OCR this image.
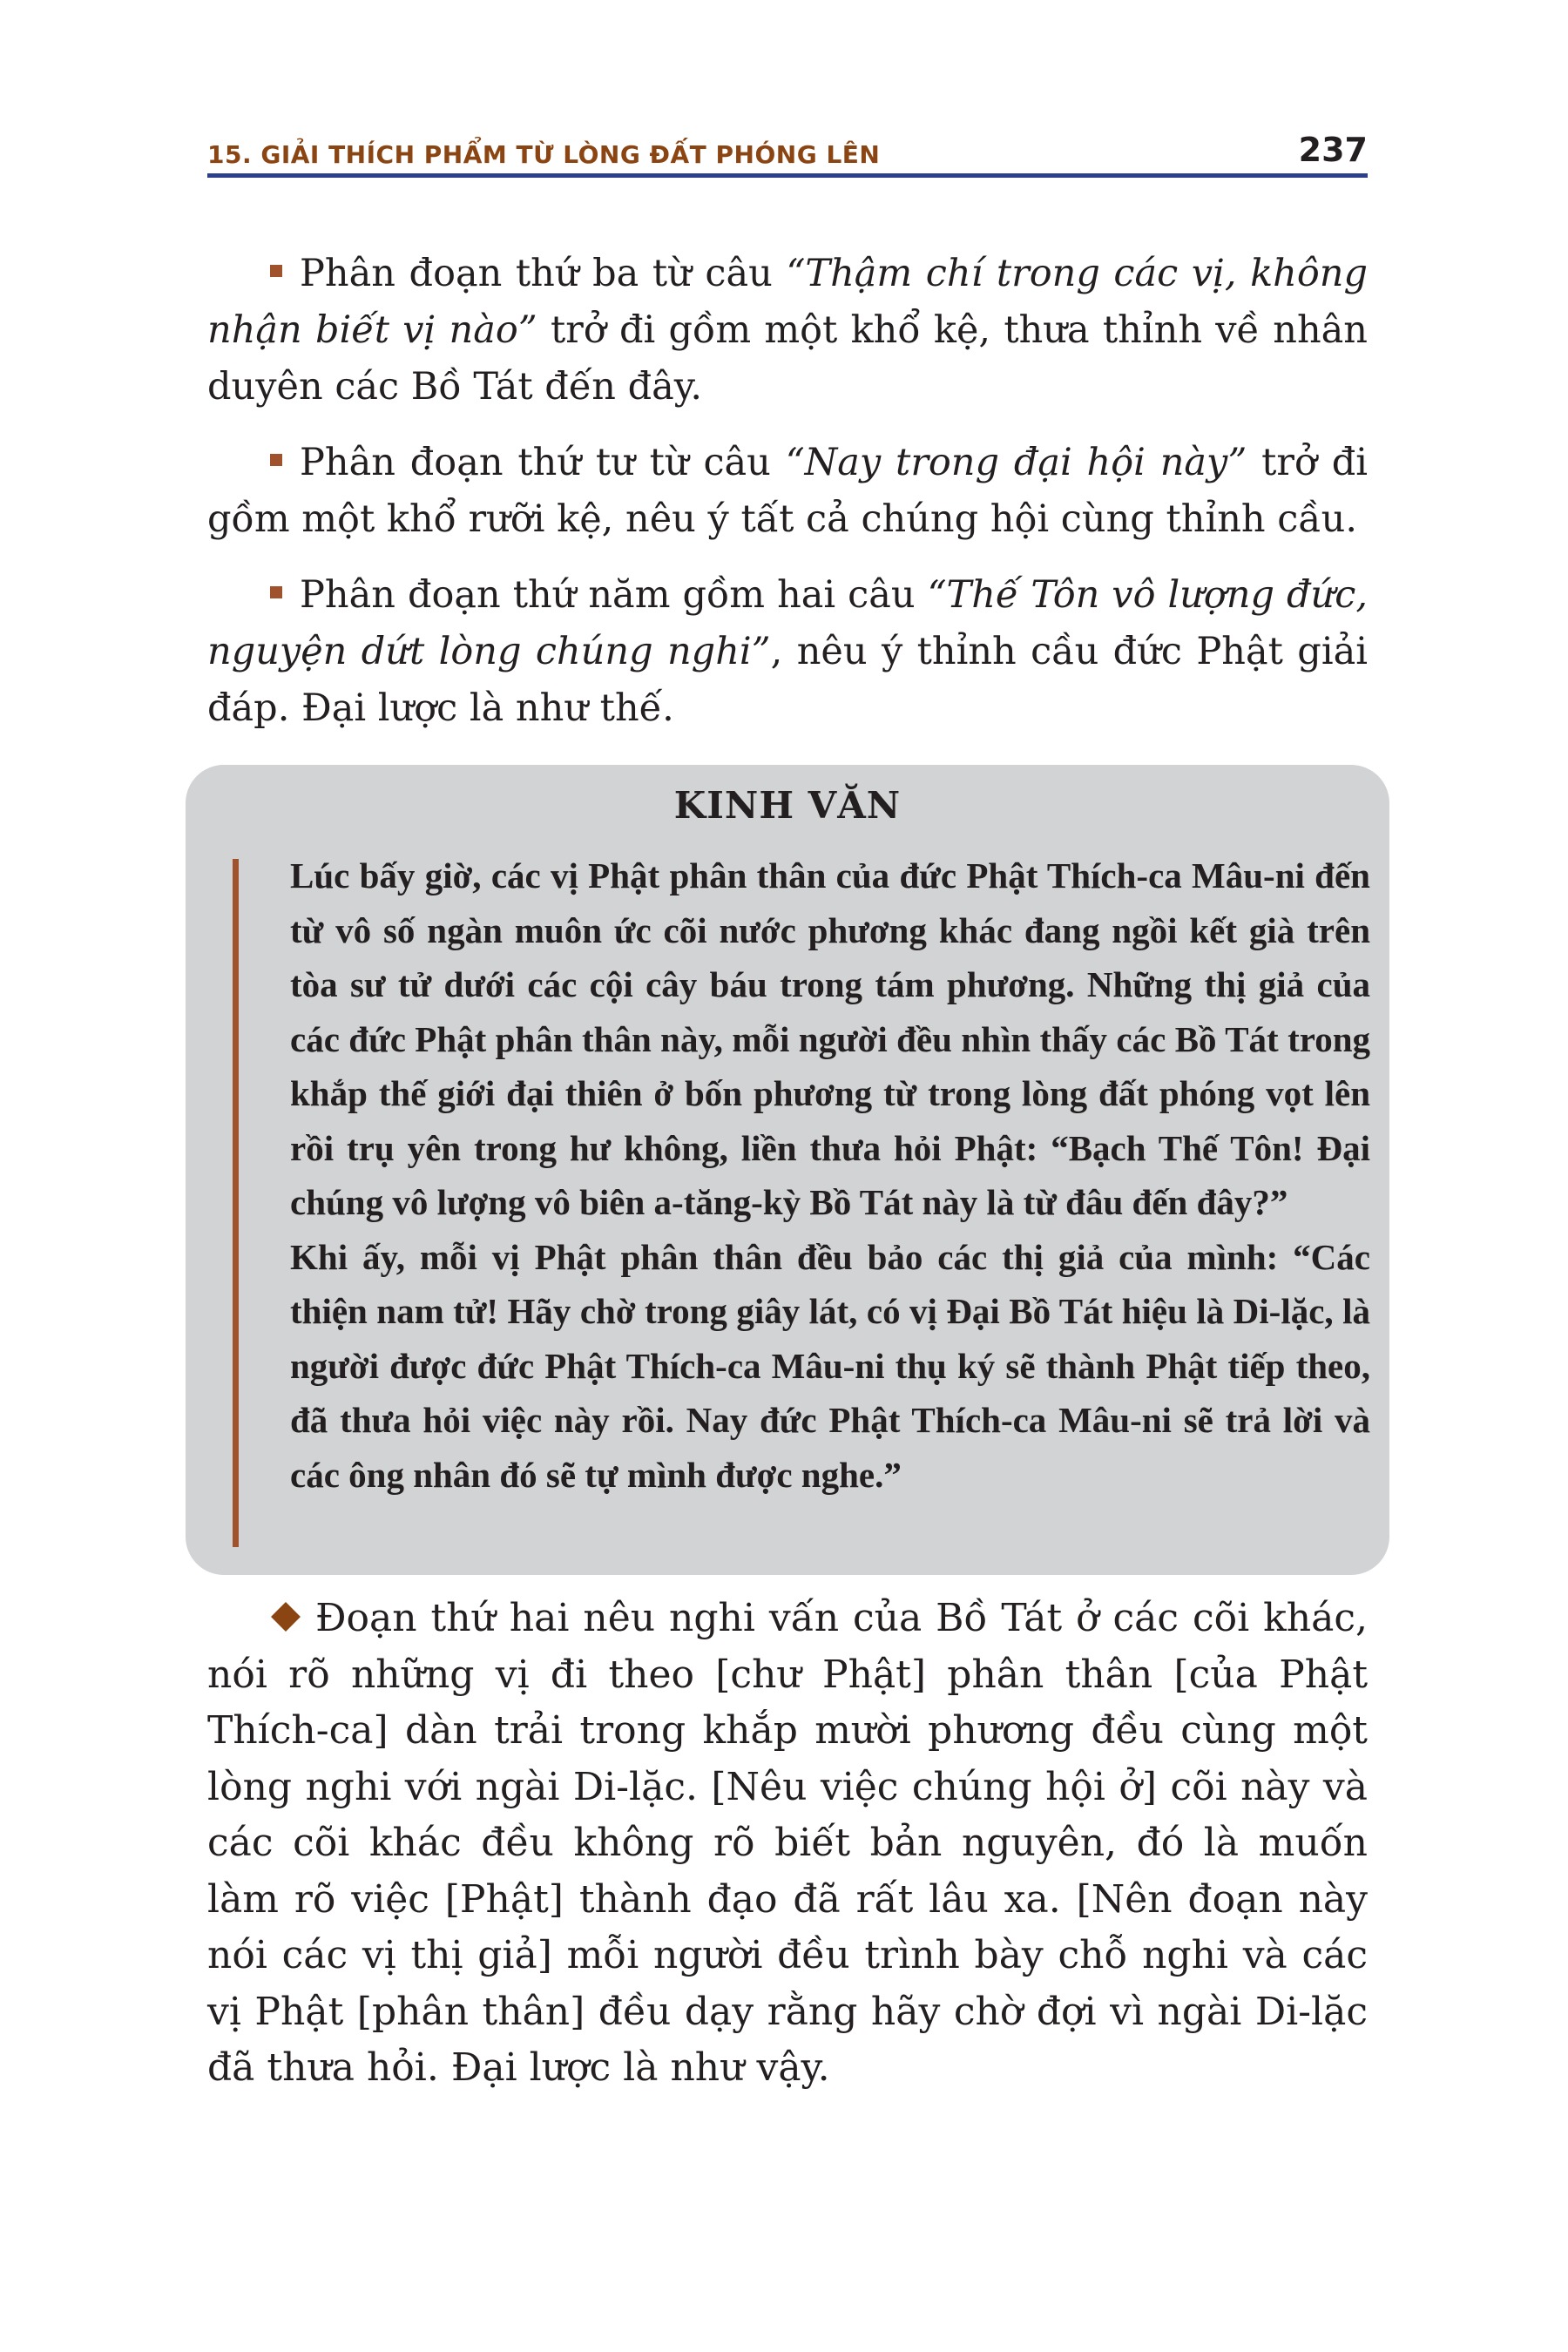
15. GIẢI THÍCH PHẨM TỪ LÒNG ĐẤT PHÓNG LÊN	237

Phân đoạn thứ ba từ câu “Thậm chí trong các vị, không nhận biết vị nào” trở đi gồm một khổ kệ, thưa thỉnh về nhân duyên các Bồ Tát đến đây.

Phân đoạn thứ tư từ câu “Nay trong đại hội này” trở đi gồm một khổ rưỡi kệ, nêu ý tất cả chúng hội cùng thỉnh cầu.

Phân đoạn thứ năm gồm hai câu “Thế Tôn vô lượng đức, nguyện dứt lòng chúng nghi”, nêu ý thỉnh cầu đức Phật giải đáp. Đại lược là như thế.

KINH VĂN

Lúc bấy giờ, các vị Phật phân thân của đức Phật Thích-ca Mâu-ni đến từ vô số ngàn muôn ức cõi nước phương khác đang ngồi kết già trên tòa sư tử dưới các cội cây báu trong tám phương. Những thị giả của các đức Phật phân thân này, mỗi người đều nhìn thấy các Bồ Tát trong khắp thế giới đại thiên ở bốn phương từ trong lòng đất phóng vọt lên rồi trụ yên trong hư không, liền thưa hỏi Phật: “Bạch Thế Tôn! Đại chúng vô lượng vô biên a-tăng-kỳ Bồ Tát này là từ đâu đến đây?”

Khi ấy, mỗi vị Phật phân thân đều bảo các thị giả của mình: “Các thiện nam tử! Hãy chờ trong giây lát, có vị Đại Bồ Tát hiệu là Di-lặc, là người được đức Phật Thích-ca Mâu-ni thụ ký sẽ thành Phật tiếp theo, đã thưa hỏi việc này rồi. Nay đức Phật Thích-ca Mâu-ni sẽ trả lời và các ông nhân đó sẽ tự mình được nghe.”

Đoạn thứ hai nêu nghi vấn của Bồ Tát ở các cõi khác, nói rõ những vị đi theo [chư Phật] phân thân [của Phật Thích-ca] dàn trải trong khắp mười phương đều cùng một lòng nghi với ngài Di-lặc. [Nêu việc chúng hội ở] cõi này và các cõi khác đều không rõ biết bản nguyên, đó là muốn làm rõ việc [Phật] thành đạo đã rất lâu xa. [Nên đoạn này nói các vị thị giả] mỗi người đều trình bày chỗ nghi và các vị Phật [phân thân] đều dạy rằng hãy chờ đợi vì ngài Di-lặc đã thưa hỏi. Đại lược là như vậy.
